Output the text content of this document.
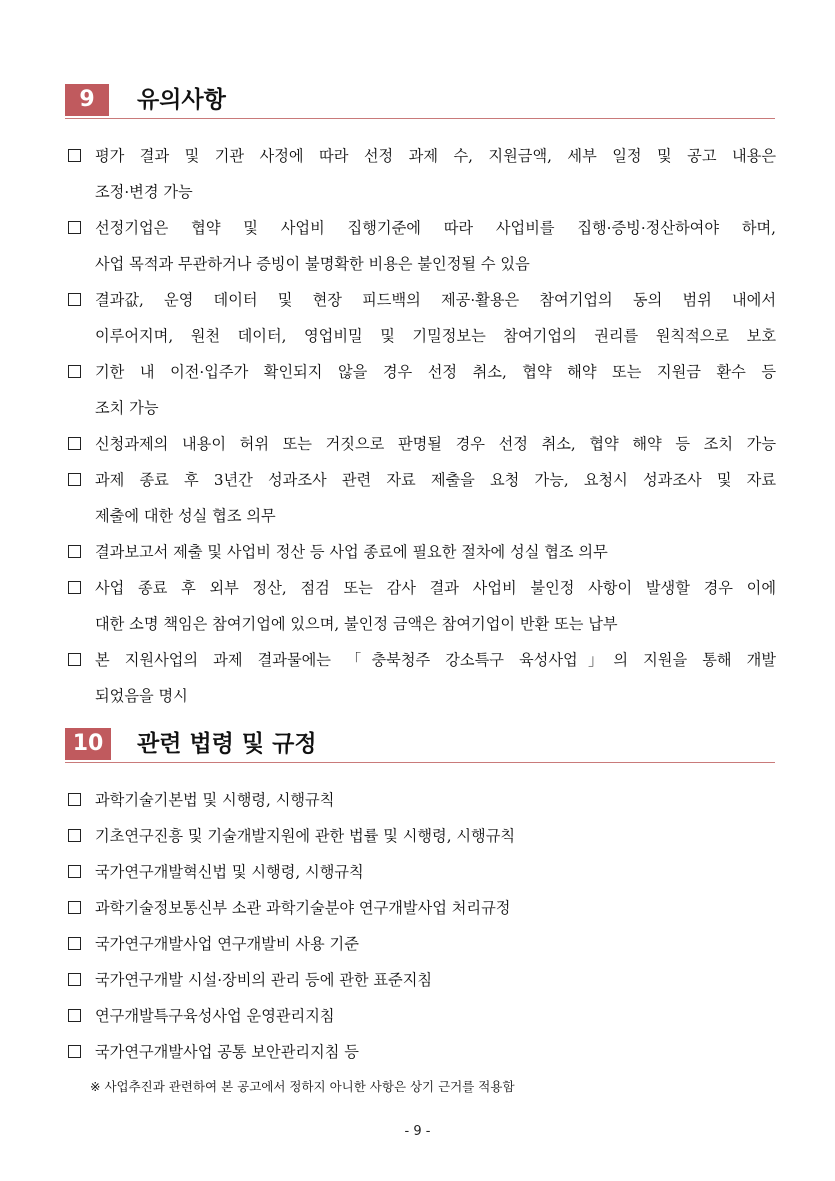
9	유의사항
평가 결과 및 기관 사정에 따라 선정 과제 수, 지원금액, 세부 일정 및 공고 내용은
조정·변경 가능
선정기업은 협약 및 사업비 집행기준에 따라 사업비를 집행·증빙·정산하여야 하며,
사업 목적과 무관하거나 증빙이 불명확한 비용은 불인정될 수 있음
결과값, 운영 데이터 및 현장 피드백의 제공·활용은 참여기업의 동의 범위 내에서
이루어지며, 원천 데이터, 영업비밀 및 기밀정보는 참여기업의 권리를 원칙적으로 보호
기한 내 이전·입주가 확인되지 않을 경우 선정 취소, 협약 해약 또는 지원금 환수 등
조치 가능
신청과제의 내용이 허위 또는 거짓으로 판명될 경우 선정 취소, 협약 해약 등 조치 가능
과제 종료 후 3년간 성과조사 관련 자료 제출을 요청 가능, 요청시 성과조사 및 자료
제출에 대한 성실 협조 의무
결과보고서 제출 및 사업비 정산 등 사업 종료에 필요한 절차에 성실 협조 의무
사업 종료 후 외부 정산, 점검 또는 감사 결과 사업비 불인정 사항이 발생할 경우 이에
대한 소명 책임은 참여기업에 있으며, 불인정 금액은 참여기업이 반환 또는 납부
본 지원사업의 과제 결과물에는 「충북청주 강소특구 육성사업」의 지원을 통해 개발
되었음을 명시
10	관련 법령 및 규정
과학기술기본법 및 시행령, 시행규칙
기초연구진흥 및 기술개발지원에 관한 법률 및 시행령, 시행규칙
국가연구개발혁신법 및 시행령, 시행규칙
과학기술정보통신부 소관 과학기술분야 연구개발사업 처리규정
국가연구개발사업 연구개발비 사용 기준
국가연구개발 시설·장비의 관리 등에 관한 표준지침
연구개발특구육성사업 운영관리지침
국가연구개발사업 공통 보안관리지침 등
※ 사업추진과 관련하여 본 공고에서 정하지 아니한 사항은 상기 근거를 적용함
- 9 -
